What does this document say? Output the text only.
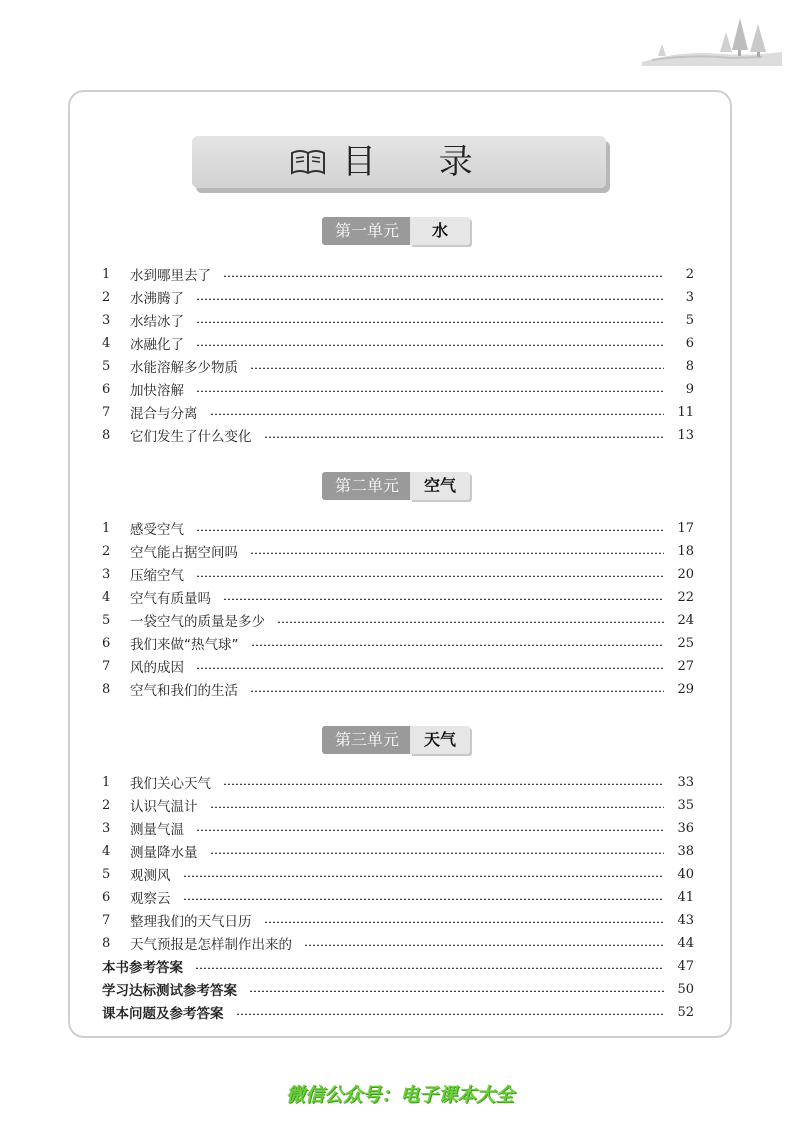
目 录
第一单元	水
1	水到哪里去了	2
2	水沸腾了	3
3	水结冰了	5
4	冰融化了	6
5	水能溶解多少物质	8
6	加快溶解	9
7	混合与分离	11
8	它们发生了什么变化	13
第二单元	空气
1	感受空气	17
2	空气能占据空间吗	18
3	压缩空气	20
4	空气有质量吗	22
5	一袋空气的质量是多少	24
6	我们来做“热气球”	25
7	风的成因	27
8	空气和我们的生活	29
第三单元	天气
1	我们关心天气	33
2	认识气温计	35
3	测量气温	36
4	测量降水量	38
5	观测风	40
6	观察云	41
7	整理我们的天气日历	43
8	天气预报是怎样制作出来的	44
本书参考答案	47
学习达标测试参考答案	50
课本问题及参考答案	52
微信公众号：电子课本大全
